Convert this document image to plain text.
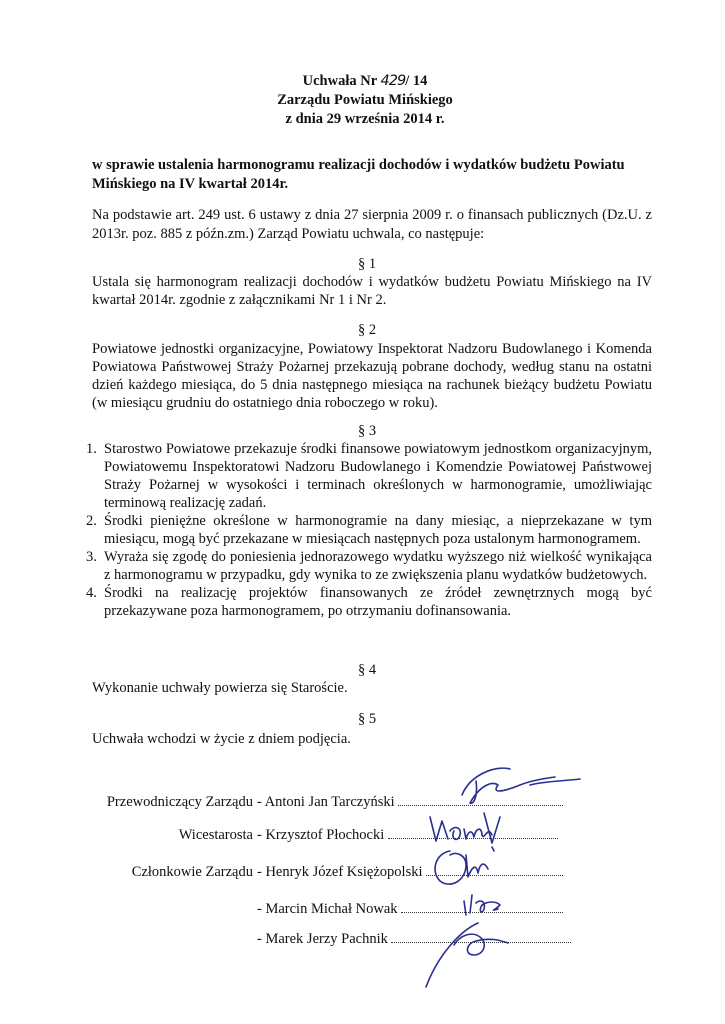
Uchwała Nr 429/ 14
Zarządu Powiatu Mińskiego
z dnia 29 września 2014 r.
w sprawie ustalenia harmonogramu realizacji dochodów i wydatków budżetu Powiatu Mińskiego na IV kwartał 2014r.
Na podstawie art. 249 ust. 6 ustawy z dnia 27 sierpnia 2009 r. o finansach publicznych (Dz.U. z 2013r. poz. 885 z późn.zm.) Zarząd Powiatu uchwala, co następuje:
§ 1
Ustala się harmonogram realizacji dochodów i wydatków budżetu Powiatu Mińskiego na IV kwartał 2014r. zgodnie z załącznikami Nr 1 i Nr 2.
§ 2
Powiatowe jednostki organizacyjne, Powiatowy Inspektorat Nadzoru Budowlanego i Komenda Powiatowa Państwowej Straży Pożarnej przekazują pobrane dochody, według stanu na ostatni dzień każdego miesiąca, do 5 dnia następnego miesiąca na rachunek bieżący budżetu Powiatu (w miesiącu grudniu do ostatniego dnia roboczego w roku).
§ 3
1. Starostwo Powiatowe przekazuje środki finansowe powiatowym jednostkom organizacyjnym, Powiatowemu Inspektoratowi Nadzoru Budowlanego i Komendzie Powiatowej Państwowej Straży Pożarnej w wysokości i terminach określonych w harmonogramie, umożliwiając terminową realizację zadań.
2. Środki pieniężne określone w harmonogramie na dany miesiąc, a nieprzekazane w tym miesiącu, mogą być przekazane w miesiącach następnych poza ustalonym harmonogramem.
3. Wyraża się zgodę do poniesienia jednorazowego wydatku wyższego niż wielkość wynikająca z harmonogramu w przypadku, gdy wynika to ze zwiększenia planu wydatków budżetowych.
4. Środki na realizację projektów finansowanych ze źródeł zewnętrznych mogą być przekazywane poza harmonogramem, po otrzymaniu dofinansowania.
§ 4
Wykonanie uchwały powierza się Staroście.
§ 5
Uchwała wchodzi w życie z dniem podjęcia.
Przewodniczący Zarządu - Antoni Jan Tarczyński
Wicestarosta - Krzysztof Płochocki
Członkowie Zarządu - Henryk Józef Księżopolski
- Marcin Michał Nowak
- Marek Jerzy Pachnik
